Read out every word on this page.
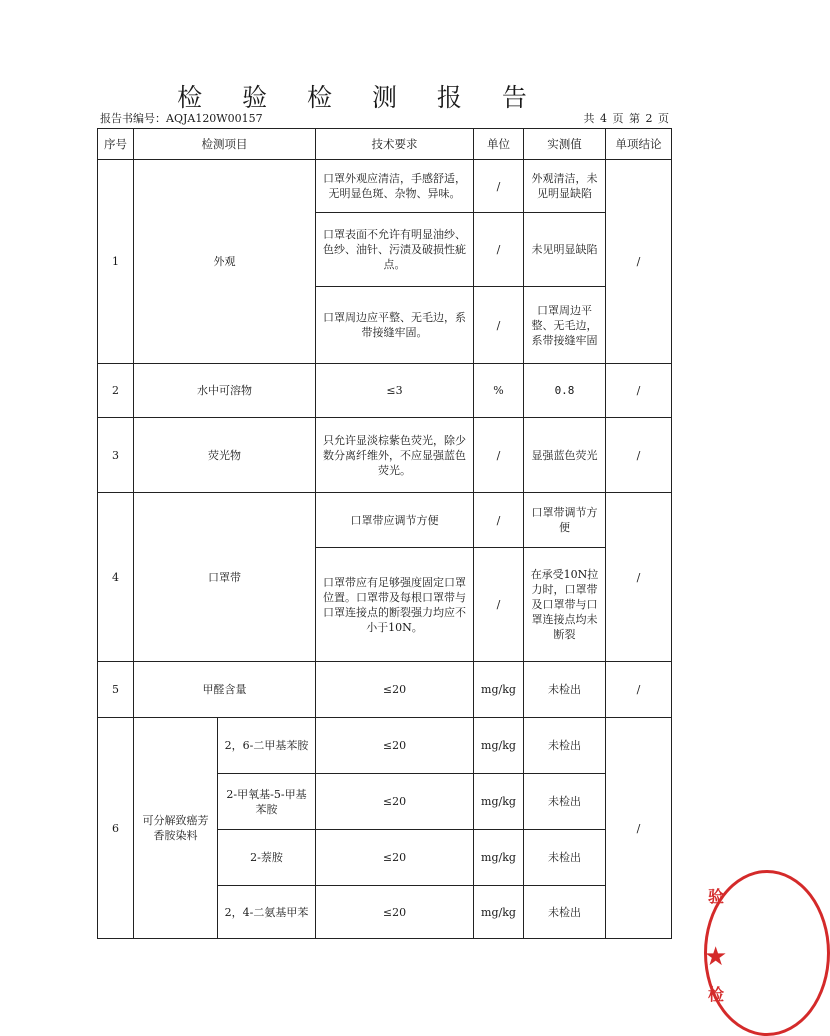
检 验 检 测 报 告
报告书编号：AQJA120W00157	共 4 页 第 2 页
序号	检测项目		技术要求	单位	实测值	单项结论
1	外观		口罩外观应清洁，手感舒适，无明显色斑、杂物、异味。	/	外观清洁，未见明显缺陷	/
			口罩表面不允许有明显油纱、色纱、油针、污渍及破损性疵点。	/	未见明显缺陷	
			口罩周边应平整、无毛边，系带接缝牢固。	/	口罩周边平整、无毛边，系带接缝牢固	
2	水中可溶物		≤3	%	0.8	/
3	荧光物		只允许显淡棕紫色荧光，除少数分离纤维外，不应显强蓝色荧光。	/	显强蓝色荧光	/
4	口罩带		口罩带应调节方便	/	口罩带调节方便	/
			口罩带应有足够强度固定口罩位置。口罩带及每根口罩带与口罩连接点的断裂强力均应不小于10N。	/	在承受10N拉力时，口罩带及口罩带与口罩连接点均未断裂	
5	甲醛含量		≤20	mg/kg	未检出	/
6	可分解致癌芳香胺染料	2，6-二甲基苯胺	≤20	mg/kg	未检出	/
		2-甲氧基-5-甲基苯胺	≤20	mg/kg	未检出	
		2-萘胺	≤20	mg/kg	未检出	
		2，4-二氨基甲苯	≤20	mg/kg	未检出	
验
★
检
